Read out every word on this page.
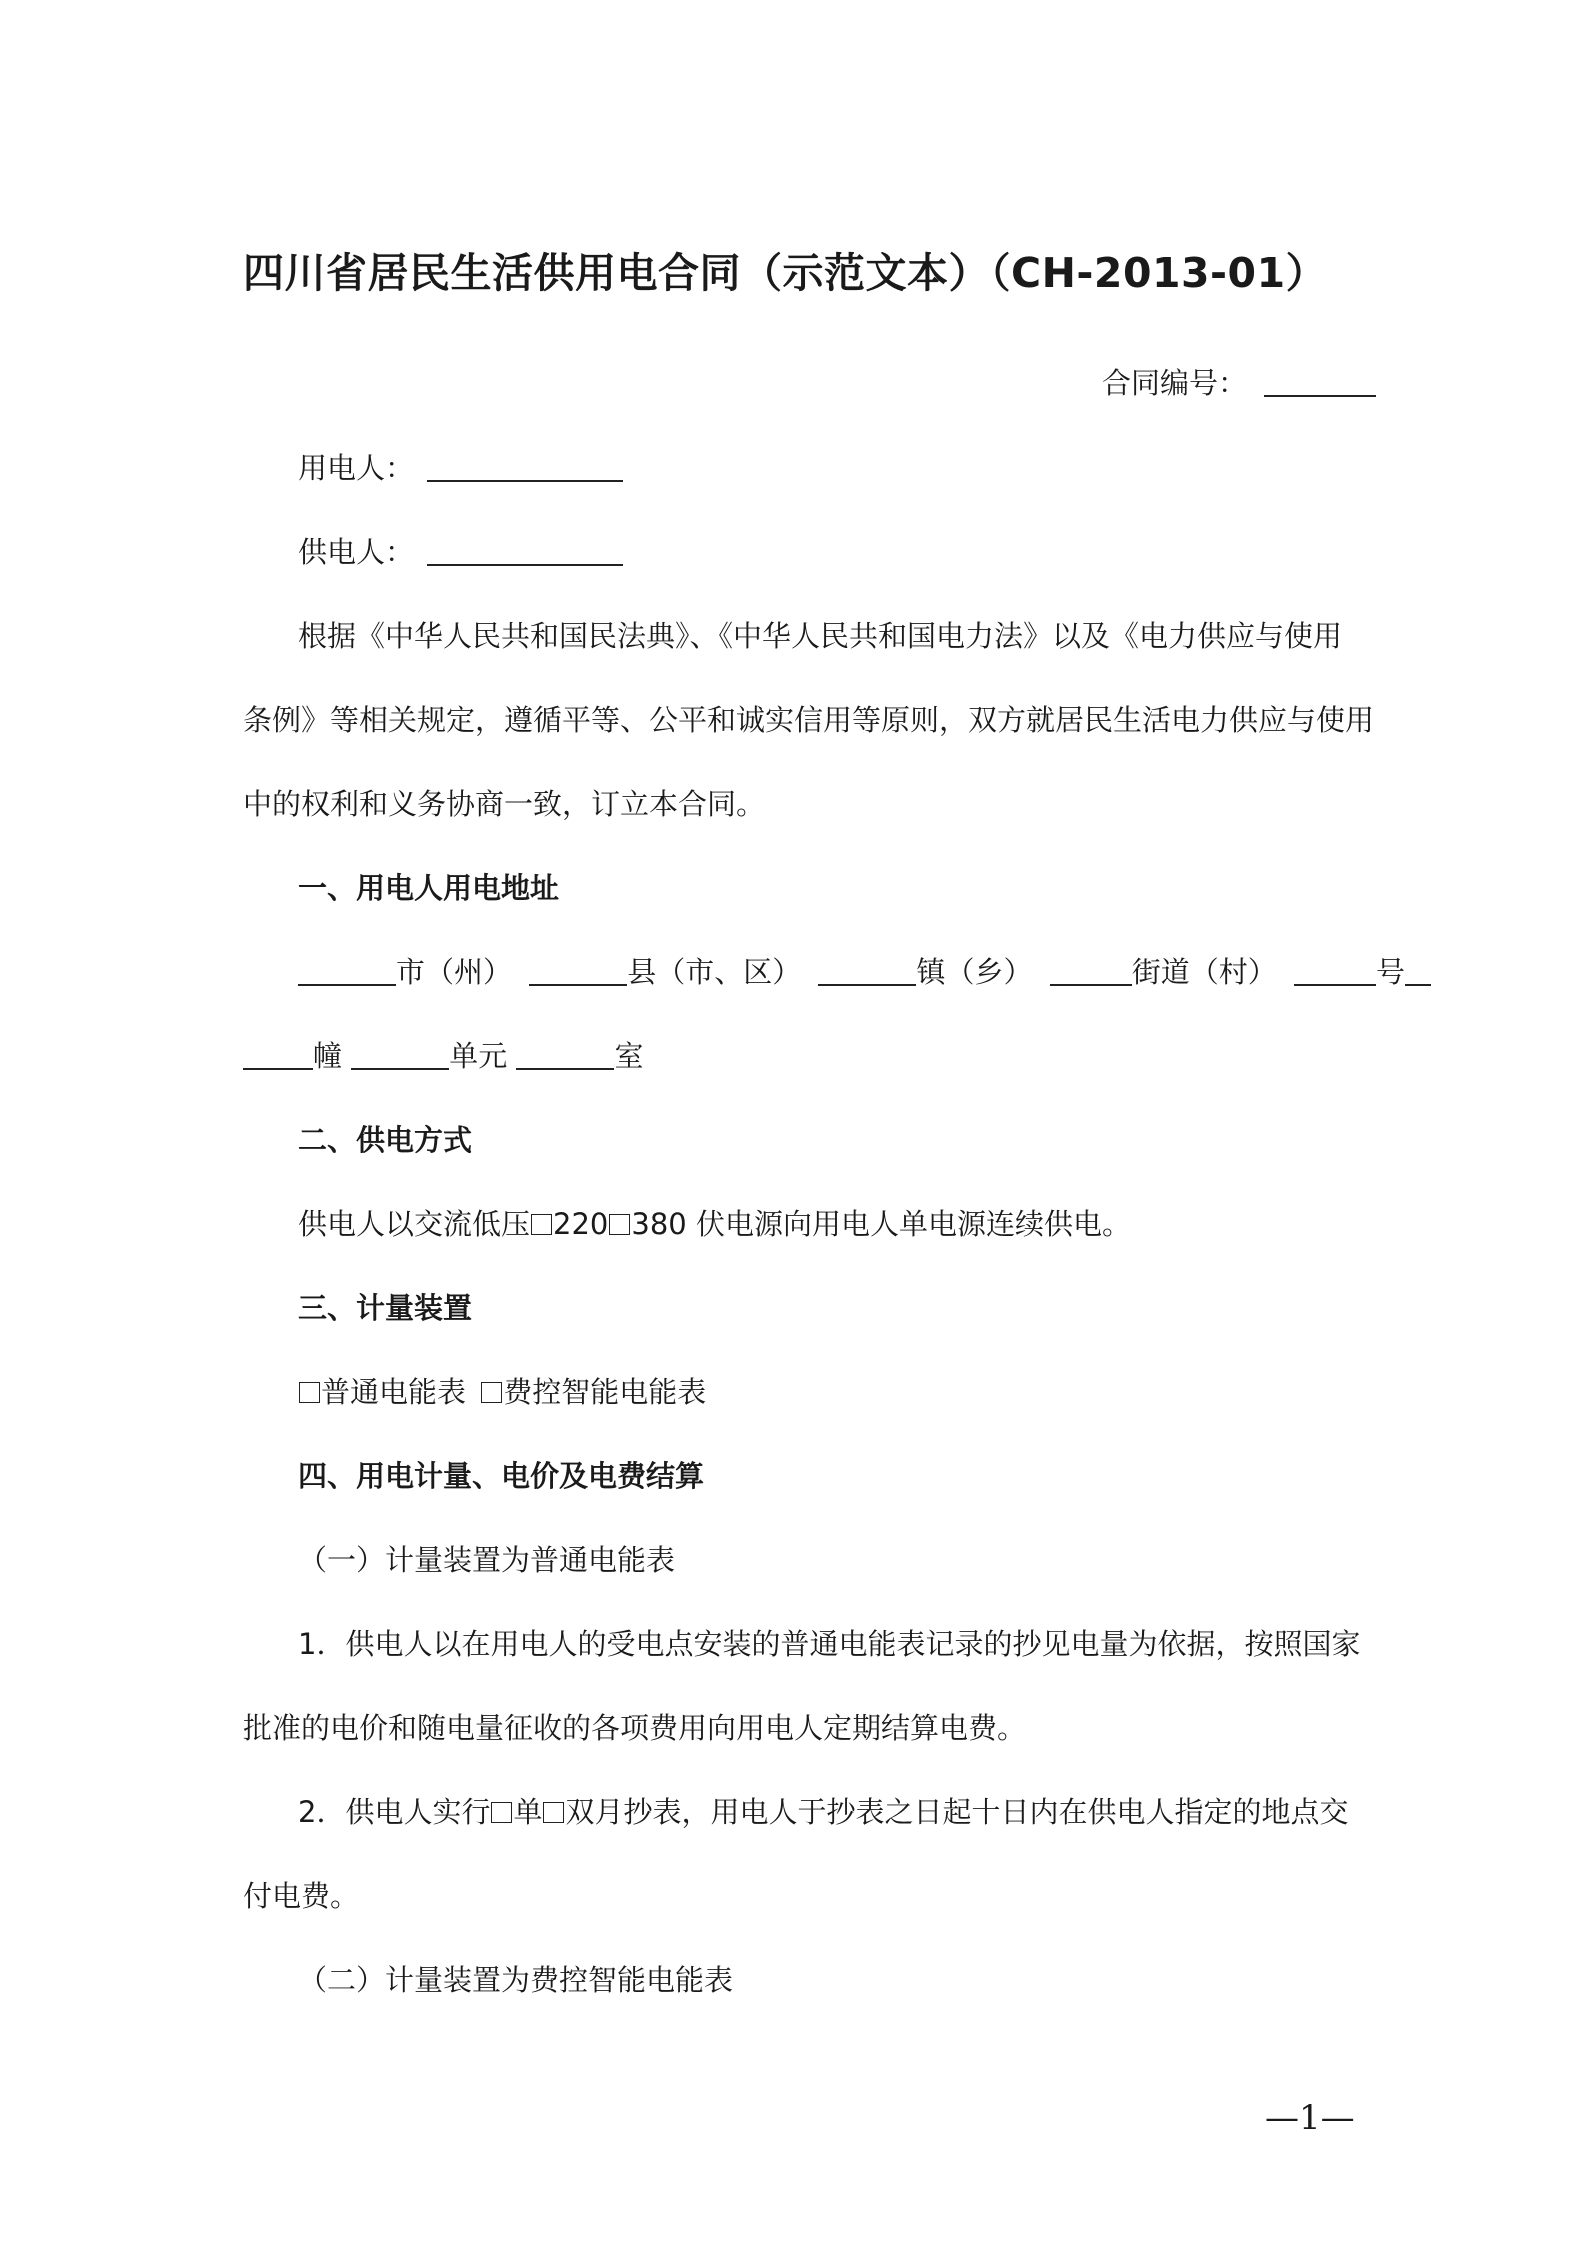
四川省居民生活供用电合同（示范文本）（CH-2013-01）
合同编号：
用电人：
供电人：
根据《中华人民共和国民法典》、《中华人民共和国电力法》以及《电力供应与使用
条例》等相关规定，遵循平等、公平和诚实信用等原则，双方就居民生活电力供应与使用
中的权利和义务协商一致，订立本合同。
一、用电人用电地址
市（州）	县（市、区）	镇（乡）	街道（村）	号
幢	单元	室
二、供电方式
供电人以交流低压 220 380 伏电源向用电人单电源连续供电。
三、计量装置
普通电能表 费控智能电能表
四、用电计量、电价及电费结算
（一）计量装置为普通电能表
1．供电人以在用电人的受电点安装的普通电能表记录的抄见电量为依据，按照国家
批准的电价和随电量征收的各项费用向用电人定期结算电费。
2．供电人实行 单 双月抄表，用电人于抄表之日起十日内在供电人指定的地点交
付电费。
（二）计量装置为费控智能电能表
—1—
